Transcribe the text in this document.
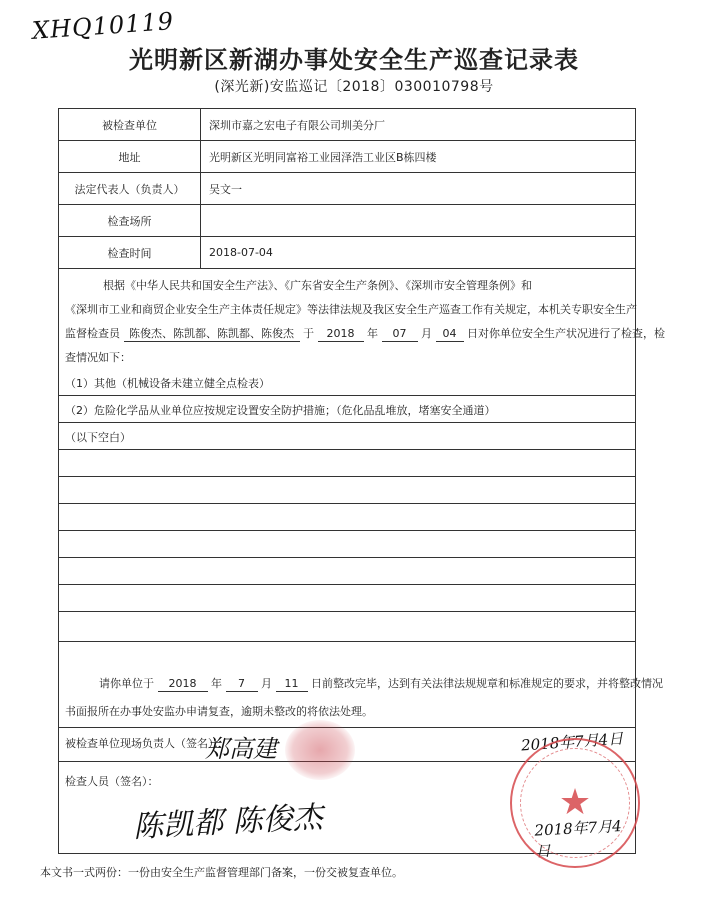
XHQ10119
光明新区新湖办事处安全生产巡查记录表
(深光新)安监巡记〔2018〕030010798号
被检查单位	深圳市嘉之宏电子有限公司圳美分厂
地址	光明新区光明同富裕工业园泽浩工业区B栋四楼
法定代表人（负责人）	吴文一
检查场所
检查时间	2018-07-04
根据《中华人民共和国安全生产法》、《广东省安全生产条例》、《深圳市安全管理条例》和
《深圳市工业和商贸企业安全生产主体责任规定》等法律法规及我区安全生产巡查工作有关规定，本机关专职安全生产
监督检查员 陈俊杰、陈凯都、陈凯都、陈俊杰 于 2018 年 07 月 04 日对你单位安全生产状况进行了检查，检
查情况如下：
（1）其他（机械设备未建立健全点检表）
（2）危险化学品从业单位应按规定设置安全防护措施；（危化品乱堆放，堵塞安全通道）
（以下空白）
请你单位于 2018 年 7 月 11 日前整改完毕，达到有关法律法规规章和标准规定的要求，并将整改情况
书面报所在办事处安监办申请复查，逾期未整改的将依法处理。
被检查单位现场负责人（签名）：
郑高建	2018年7月4日
检查人员（签名）：
陈凯都 陈俊杰	2018年7月4日
★
本文书一式两份：一份由安全生产监督管理部门备案，一份交被复查单位。
